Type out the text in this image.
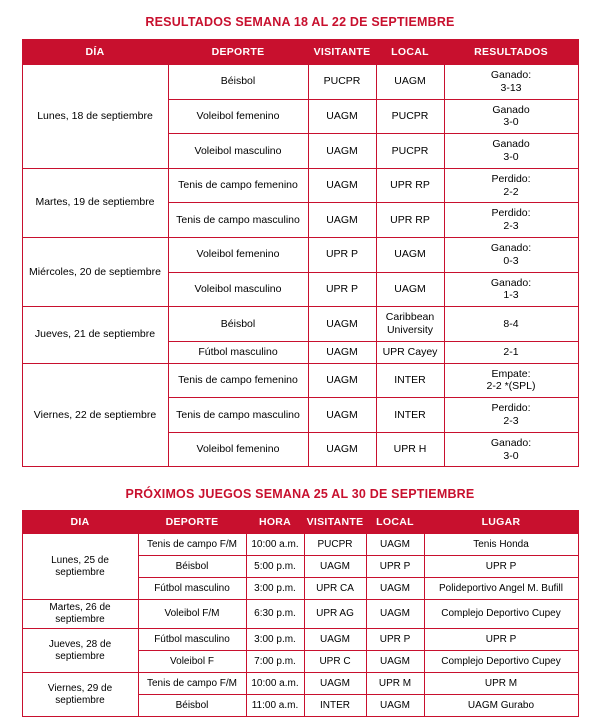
RESULTADOS SEMANA 18 AL 22 DE SEPTIEMBRE
DÍA	DEPORTE	VISITANTE	LOCAL	RESULTADOS
Lunes, 18 de septiembre	Béisbol	PUCPR	UAGM	Ganado:
3-13
	Voleibol femenino	UAGM	PUCPR	Ganado
3-0
	Voleibol masculino	UAGM	PUCPR	Ganado
3-0
Martes, 19 de septiembre	Tenis de campo femenino	UAGM	UPR RP	Perdido:
2-2
	Tenis de campo masculino	UAGM	UPR RP	Perdido:
2-3
Miércoles, 20 de septiembre	Voleibol femenino	UPR P	UAGM	Ganado:
0-3
	Voleibol masculino	UPR P	UAGM	Ganado:
1-3
Jueves, 21 de septiembre	Béisbol	UAGM	Caribbean
University	8-4
	Fútbol masculino	UAGM	UPR Cayey	2-1
Viernes, 22 de septiembre	Tenis de campo femenino	UAGM	INTER	Empate:
2-2 *(SPL)
	Tenis de campo masculino	UAGM	INTER	Perdido:
2-3
	Voleibol femenino	UAGM	UPR H	Ganado:
3-0
PRÓXIMOS JUEGOS SEMANA 25 AL 30 DE SEPTIEMBRE
DIA	DEPORTE	HORA	VISITANTE	LOCAL	LUGAR
Lunes, 25 de septiembre	Tenis de campo F/M	10:00 a.m.	PUCPR	UAGM	Tenis Honda
	Béisbol	5:00 p.m.	UAGM	UPR P	UPR P
	Fútbol masculino	3:00 p.m.	UPR CA	UAGM	Polideportivo Angel M. Bufill
Martes, 26 de septiembre	Voleibol F/M	6:30 p.m.	UPR AG	UAGM	Complejo Deportivo Cupey
Jueves, 28 de septiembre	Fútbol masculino	3:00 p.m.	UAGM	UPR P	UPR P
	Voleibol F	7:00 p.m.	UPR C	UAGM	Complejo Deportivo Cupey
Viernes, 29 de septiembre	Tenis de campo F/M	10:00 a.m.	UAGM	UPR M	UPR M
	Béisbol	11:00 a.m.	INTER	UAGM	UAGM Gurabo
